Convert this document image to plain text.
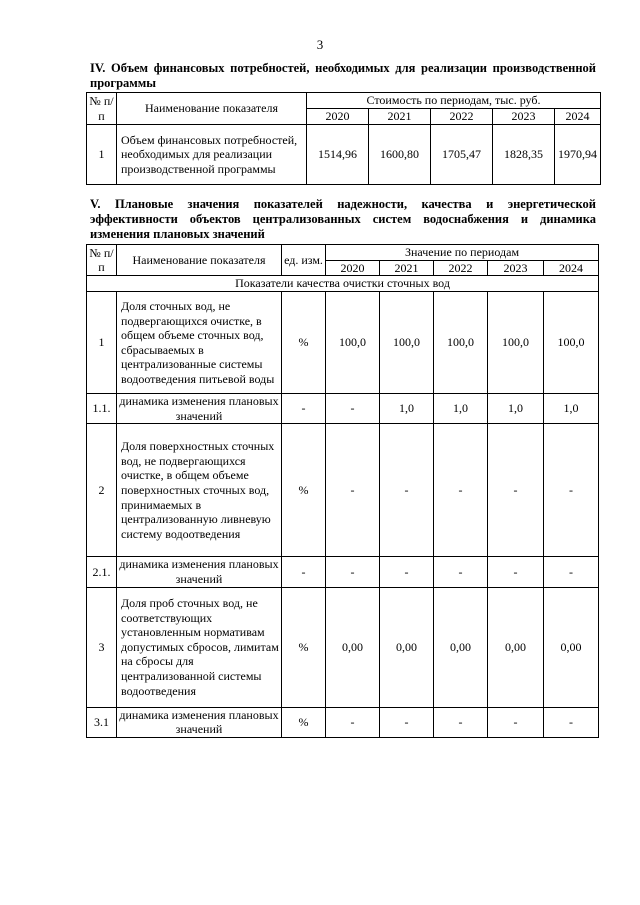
3
IV. Объем финансовых потребностей, необходимых для реализации производственной программы
№ п/п	Наименование показателя	Стоимость по периодам, тыс. руб.				
		2020	2021	2022	2023	2024
1	Объем финансовых потребностей, необходимых для реализации производственной программы	1514,96	1600,80	1705,47	1828,35	1970,94
V. Плановые значения показателей надежности, качества и энергетической эффективности объектов централизованных систем водоснабжения и динамика изменения плановых значений
№ п/п	Наименование показателя	ед. изм.	Значение по периодам				
			2020	2021	2022	2023	2024
Показатели качества очистки сточных вод							
1	Доля сточных вод, не подвергающихся очистке, в общем объеме сточных вод, сбрасываемых в централизованные системы водоотведения питьевой воды	%	100,0	100,0	100,0	100,0	100,0
1.1.	динамика изменения плановых значений	-	-	1,0	1,0	1,0	1,0
2	Доля поверхностных сточных вод, не подвергающихся очистке, в общем объеме поверхностных сточных вод, принимаемых в централизованную ливневую систему водоотведения	%	-	-	-	-	-
2.1.	динамика изменения плановых значений	-	-	-	-	-	-
3	Доля проб сточных вод, не соответствующих установленным нормативам допустимых сбросов, лимитам на сбросы для централизованной системы водоотведения	%	0,00	0,00	0,00	0,00	0,00
3.1	динамика изменения плановых значений	%	-	-	-	-	-
